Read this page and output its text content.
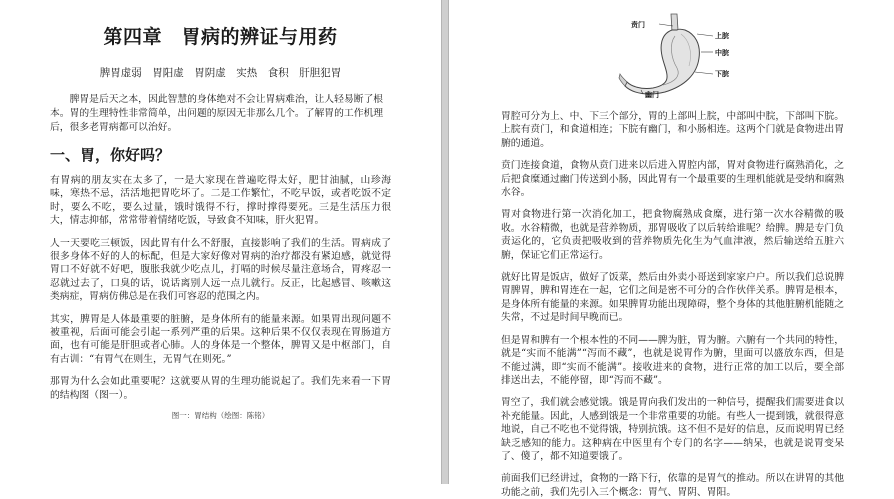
第四章　胃病的辨证与用药
脾胃虚弱　胃阳虚　胃阴虚　实热　食积　肝胆犯胃

脾胃是后天之本，因此智慧的身体绝对不会让胃病难治，让人轻易断了根本。胃的生理特性非常简单，出问题的原因无非那么几个。了解胃的工作机理后，很多老胃病都可以治好。

一、胃，你好吗？

有胃病的朋友实在太多了，一是大家现在普遍吃得太好，肥甘油腻，山珍海味，寒热不忌，活活地把胃吃坏了。二是工作繁忙，不吃早饭，或者吃饭不定时，要么不吃，要么过量，饿时饿得不行，撑时撑得要死。三是生活压力很大，情志抑郁，常常带着情绪吃饭，导致食不知味，肝火犯胃。

人一天要吃三顿饭，因此胃有什么不舒服，直接影响了我们的生活。胃病成了很多身体不好的人的标配，但是大家好像对胃病的治疗都没有紧迫感，就觉得胃口不好就不好吧，腹胀我就少吃点儿，打嗝的时候尽量注意场合，胃疼忍一忍就过去了，口臭的话，说话离别人远一点儿就行。反正，比起感冒、咳嗽这类病症，胃病仿佛总是在我们可容忍的范围之内。

其实，脾胃是人体最重要的脏腑，是身体所有的能量来源。如果胃出现问题不被重视，后面可能会引起一系列严重的后果。这种后果不仅仅表现在胃肠道方面，也有可能是肝胆或者心肺。人的身体是一个整体，脾胃又是中枢部门，自有古训：“有胃气在则生，无胃气在则死。”

那胃为什么会如此重要呢？这就要从胃的生理功能说起了。我们先来看一下胃的结构图（图一）。

图一：胃结构（绘图：陈铭）
贲门
上脘
中脘
下脘
幽门

胃腔可分为上、中、下三个部分，胃的上部叫上脘，中部叫中脘，下部叫下脘。上脘有贲门，和食道相连；下脘有幽门，和小肠相连。这两个门就是食物进出胃腑的通道。

贲门连接食道，食物从贲门进来以后进入胃腔内部，胃对食物进行腐熟消化，之后把食糜通过幽门传送到小肠，因此胃有一个最重要的生理机能就是受纳和腐熟水谷。

胃对食物进行第一次消化加工，把食物腐熟成食糜，进行第一次水谷精微的吸收。水谷精微，也就是营养物质，那胃吸收了以后转给谁呢？给脾。脾是专门负责运化的，它负责把吸收到的营养物质先化生为气血津液，然后输送给五脏六腑，保证它们正常运行。

就好比胃是饭店，做好了饭菜，然后由外卖小哥送到家家户户。所以我们总说脾胃脾胃，脾和胃连在一起，它们之间是密不可分的合作伙伴关系。脾胃是根本，是身体所有能量的来源。如果脾胃功能出现障碍，整个身体的其他脏腑机能随之失常，不过是时间早晚而已。

但是胃和脾有一个根本性的不同——脾为脏，胃为腑。六腑有一个共同的特性，就是“实而不能满”“泻而不藏”，也就是说胃作为腑，里面可以盛放东西，但是不能过满，即“实而不能满”。接收进来的食物，进行正常的加工以后，要全部排送出去，不能停留，即“泻而不藏”。

胃空了，我们就会感觉饿。饿是胃向我们发出的一种信号，提醒我们需要进食以补充能量。因此，人感到饿是一个非常重要的功能。有些人一提到饿，就很得意地说，自己不吃也不觉得饿，特别抗饿。这不但不是好的信息，反而说明胃已经缺乏感知的能力。这种病在中医里有个专门的名字——纳呆，也就是说胃变呆了、傻了，都不知道要饿了。

前面我们已经讲过，食物的一路下行，依靠的是胃气的推动。所以在讲胃的其他功能之前，我们先引入三个概念：胃气、胃阴、胃阳。
